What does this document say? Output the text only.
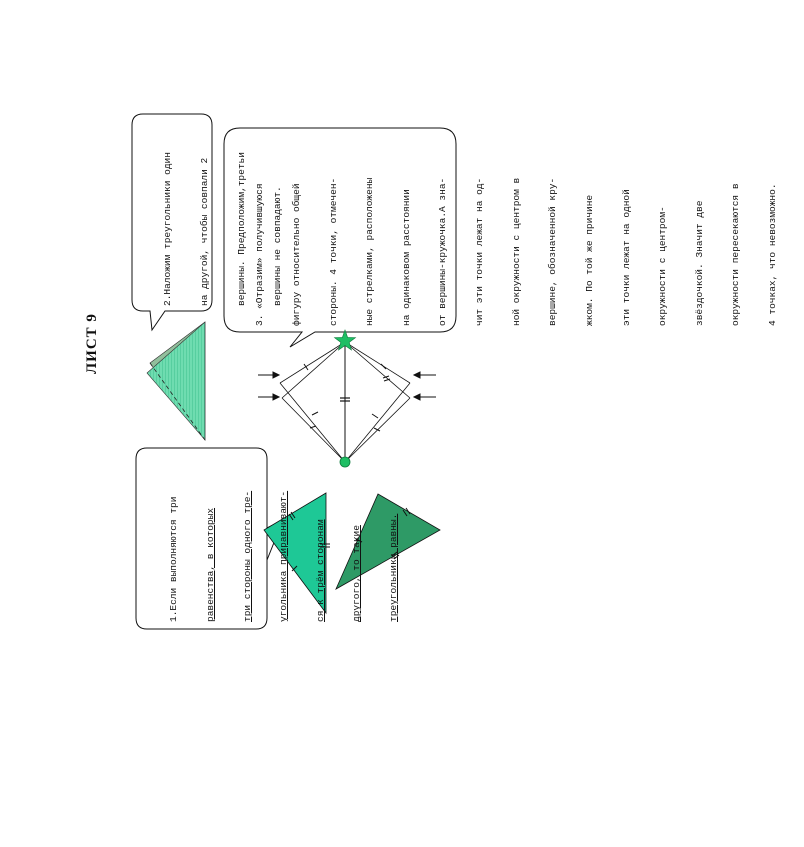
ЛИСТ 9

1.Если выполняются три

	равенства, в которых

	три стороны одного тре-

	угольника приравнивают-

	ся к трём сторонам

	другого, то такие

	треугольники равны.

2.Наложим треугольники один

	на другой, чтобы совпали 2

	вершины. Предположим,третьи

	вершины не совпадают.

3. «Отразим» получившуюся

	фигуру относительно общей

	стороны. 4 точки, отмечен-

	ные стрелками, расположены

	на одинаковом расстоянии

	от вершины-кружочка.А зна-

	чит эти точки лежат на од-

	ной окружности с центром в

	вершине, обозначенной кру-

	жком. По той же причине

	эти точки лежат на одной

	окружности с центром-

	звёздочкой. Значит две

	окружности пересекаются в

	4 точках, что невозможно.
